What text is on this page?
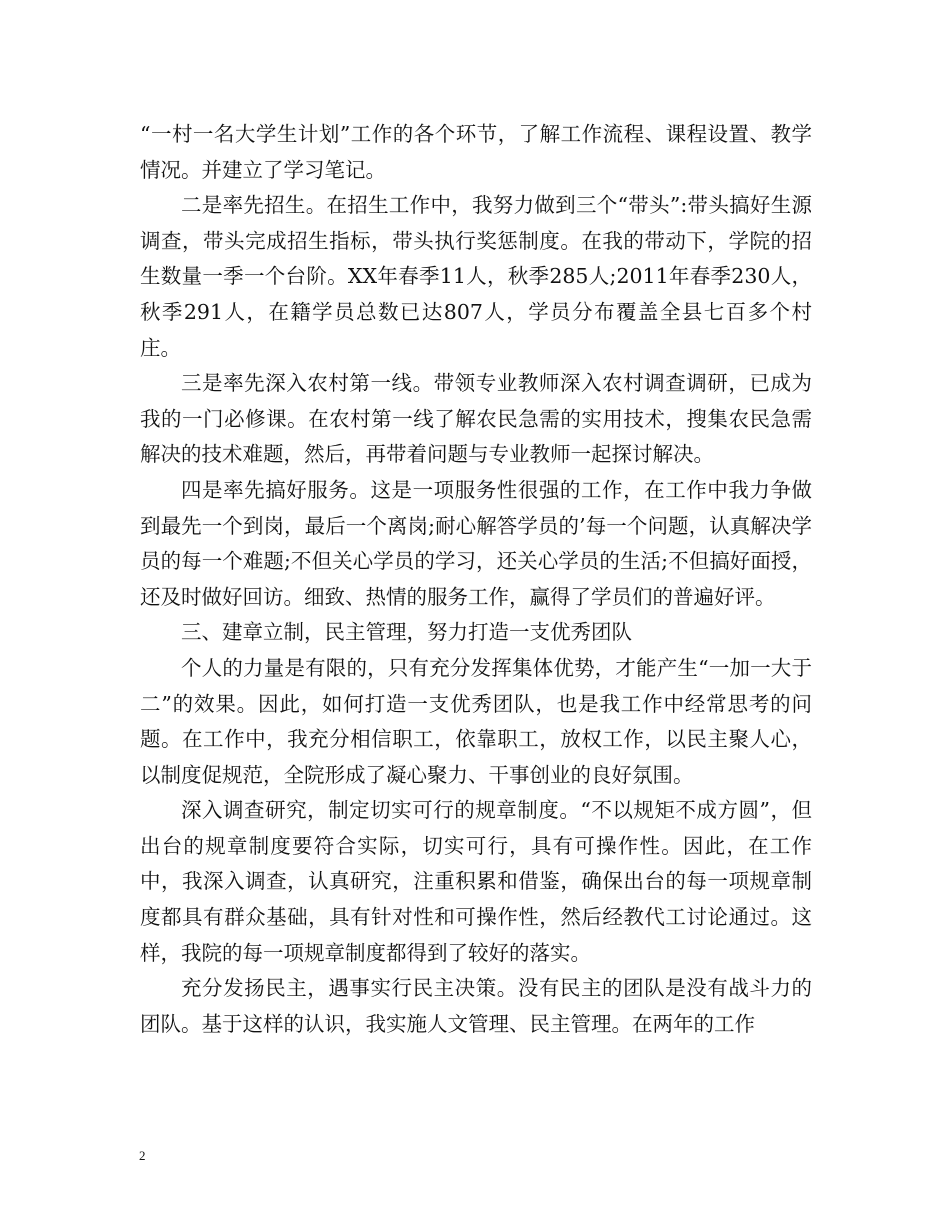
“一村一名大学生计划”工作的各个环节，了解工作流程、课程设置、教学情况。并建立了学习笔记。

二是率先招生。在招生工作中，我努力做到三个“带头”:带头搞好生源调查，带头完成招生指标，带头执行奖惩制度。在我的带动下，学院的招生数量一季一个台阶。XX年春季11人，秋季285人;2011年春季230人，秋季291人，在籍学员总数已达807人，学员分布覆盖全县七百多个村庄。

三是率先深入农村第一线。带领专业教师深入农村调查调研，已成为我的一门必修课。在农村第一线了解农民急需的实用技术，搜集农民急需解决的技术难题，然后，再带着问题与专业教师一起探讨解决。

四是率先搞好服务。这是一项服务性很强的工作，在工作中我力争做到最先一个到岗，最后一个离岗;耐心解答学员的’每一个问题，认真解决学员的每一个难题;不但关心学员的学习，还关心学员的生活;不但搞好面授，还及时做好回访。细致、热情的服务工作，赢得了学员们的普遍好评。

三、建章立制，民主管理，努力打造一支优秀团队

个人的力量是有限的，只有充分发挥集体优势，才能产生“一加一大于二”的效果。因此，如何打造一支优秀团队，也是我工作中经常思考的问题。在工作中，我充分相信职工，依靠职工，放权工作，以民主聚人心，以制度促规范，全院形成了凝心聚力、干事创业的良好氛围。

深入调查研究，制定切实可行的规章制度。“不以规矩不成方圆”，但出台的规章制度要符合实际，切实可行，具有可操作性。因此，在工作中，我深入调查，认真研究，注重积累和借鉴，确保出台的每一项规章制度都具有群众基础，具有针对性和可操作性，然后经教代工讨论通过。这样，我院的每一项规章制度都得到了较好的落实。

充分发扬民主，遇事实行民主决策。没有民主的团队是没有战斗力的团队。基于这样的认识，我实施人文管理、民主管理。在两年的工作

2
